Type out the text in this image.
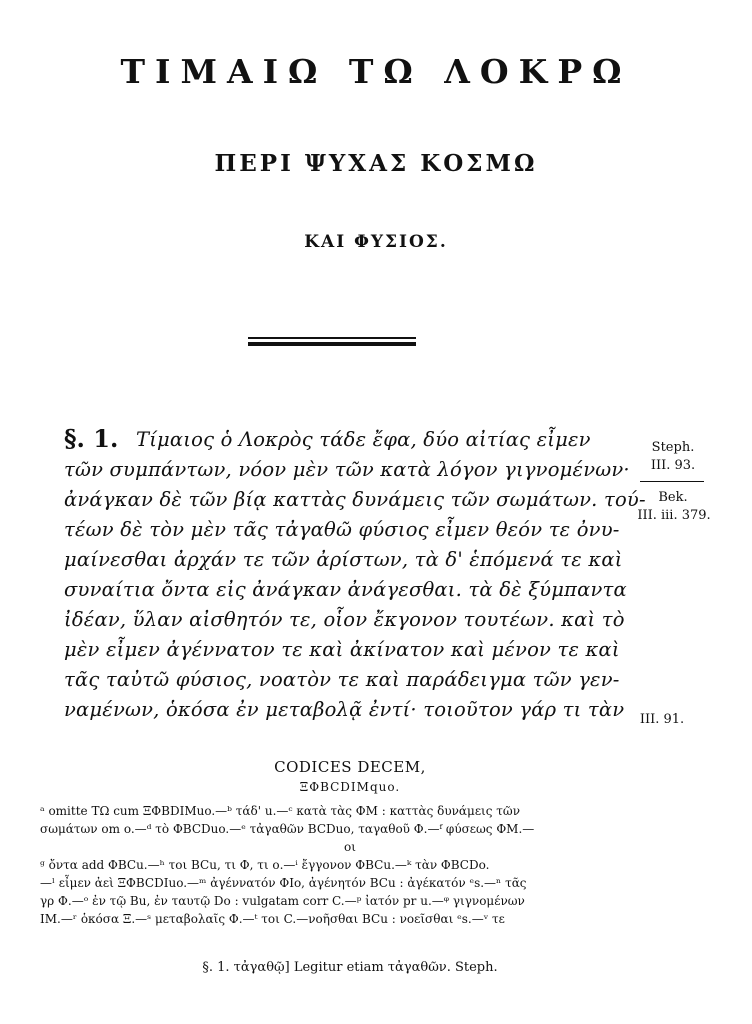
ΤΙΜΑΙΩ ΤΩ ΛΟΚΡΩ
ΠΕΡΙ ΨΥΧΑΣ ΚΟΣΜΩ
ΚΑΙ ΦΥΣΙΟΣ.
§. 1. Τίμαιος ὁ Λοκρὸς τάδε ἔφα, δύο αἰτίας εἶμεν
τῶν συμπάντων, νόον μὲν τῶν κατὰ λόγον γιγνομένων·
ἀνάγκαν δὲ τῶν βίᾳ καττὰς δυνάμεις τῶν σωμάτων. τού-
τέων δὲ τὸν μὲν τᾶς τἀγαθῶ φύσιος εἶμεν θεόν τε ὀνυ-
μαίνεσθαι ἀρχάν τε τῶν ἀρίστων, τὰ δ' ἑπόμενά τε καὶ
συναίτια ὄντα εἰς ἀνάγκαν ἀνάγεσθαι. τὰ δὲ ξύμπαντα
ἰδέαν, ὕλαν αἰσθητόν τε, οἷον ἔκγονον τουτέων. καὶ τὸ
μὲν εἶμεν ἀγέννατον τε καὶ ἀκίνατον καὶ μένον τε καὶ
τᾶς ταὐτῶ φύσιος, νοατὸν τε καὶ παράδειγμα τῶν γεν-
ναμένων, ὁκόσα ἐν μεταβολᾷ ἐντί· τοιοῦτον γάρ τι τὰν
Steph.
III. 93.
Bek.
III. iii. 379.
III. 91.
CODICES DECEM,
ΞΦBCDIMquo.
ᵃ omitte ΤΩ cum ΞΦBDIMuo.—ᵇ τάδ' u.—ᶜ κατὰ τὰς ΦΜ : καττὰς δυνάμεις τῶν
σωμάτων om o.—ᵈ τὸ ΦBCDuo.—ᵉ τἀγαθῶν BCDuo, ταγαθοῦ Φ.—ᶠ φύσεως ΦΜ.—
οι
ᵍ ὄντα add ΦBCu.—ʰ τοι BCu, τι Φ, τι ο.—ⁱ ἔγγονον ΦBCu.—ᵏ τὰν ΦBCDo.
—ˡ εἶμεν ἀεὶ ΞΦBCDIuo.—ᵐ ἀγέννατόν ΦΙο, ἀγένητόν BCu : ἀγέκατόν ᵉs.—ⁿ τᾶς
γρ Φ.—ᵒ ἐν τῷ Bu, ἐν ταυτῷ Do : vulgatam corr C.—ᵖ ἰατόν pr u.—ᵠ γιγνομένων
IM.—ʳ ὁκόσα Ξ.—ˢ μεταβολαῖς Φ.—ᵗ τοι C.—νοῆσθαι BCu : νοεῖσθαι ᵉs.—ᵛ τε
§. 1. τἀγαθῷ] Legitur etiam τἀγαθῶν. Steph.
